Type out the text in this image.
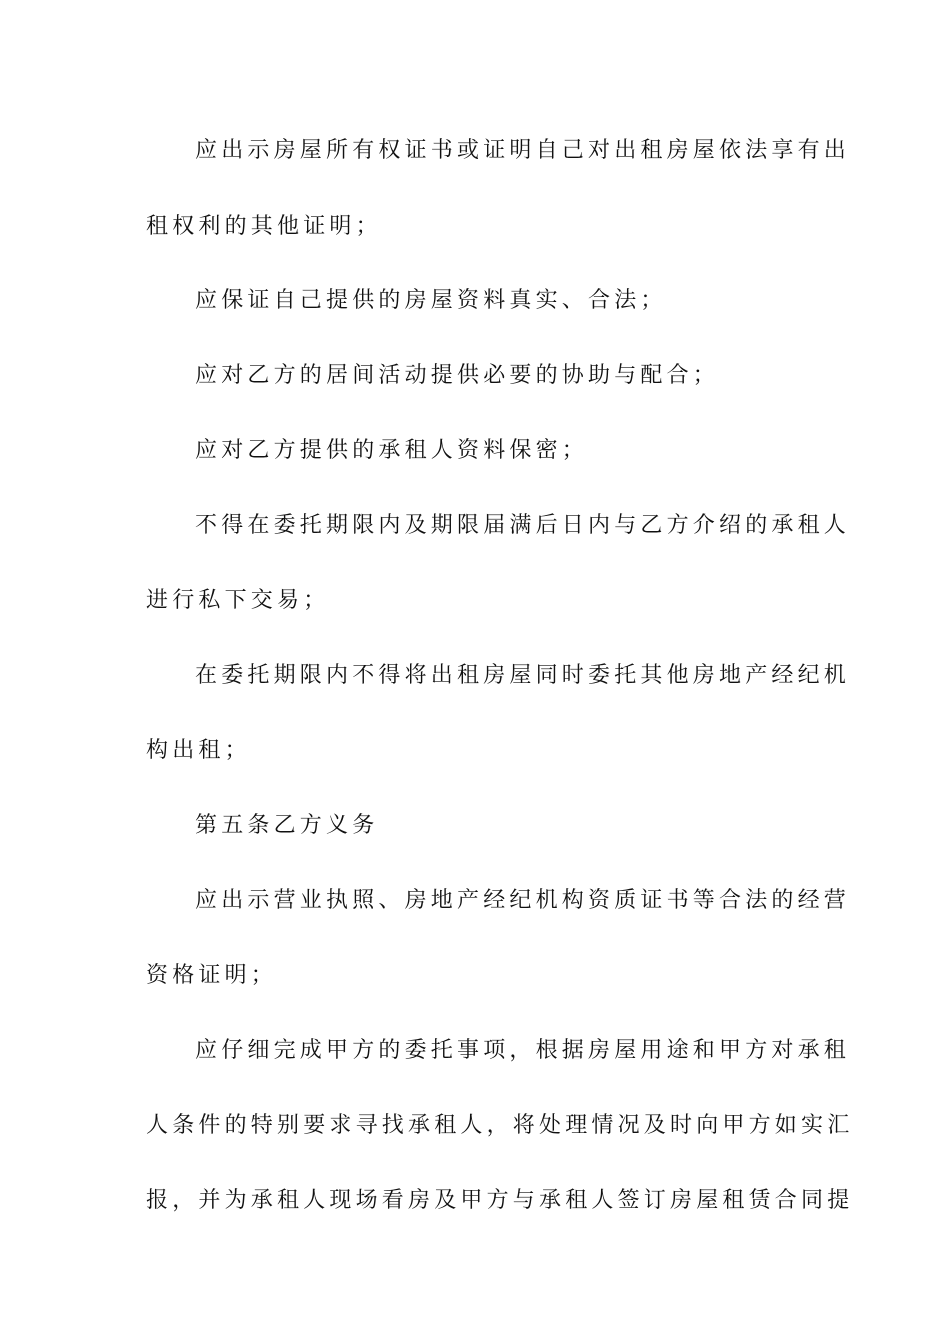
应出示房屋所有权证书或证明自己对出租房屋依法享有出

租权利的其他证明；

应保证自己提供的房屋资料真实、合法；

应对乙方的居间活动提供必要的协助与配合；

应对乙方提供的承租人资料保密；

不得在委托期限内及期限届满后日内与乙方介绍的承租人

进行私下交易；

在委托期限内不得将出租房屋同时委托其他房地产经纪机

构出租；

第五条乙方义务

应出示营业执照、房地产经纪机构资质证书等合法的经营

资格证明；

应仔细完成甲方的委托事项，根据房屋用途和甲方对承租

人条件的特别要求寻找承租人，将处理情况及时向甲方如实汇

报，并为承租人现场看房及甲方与承租人签订房屋租赁合同提
